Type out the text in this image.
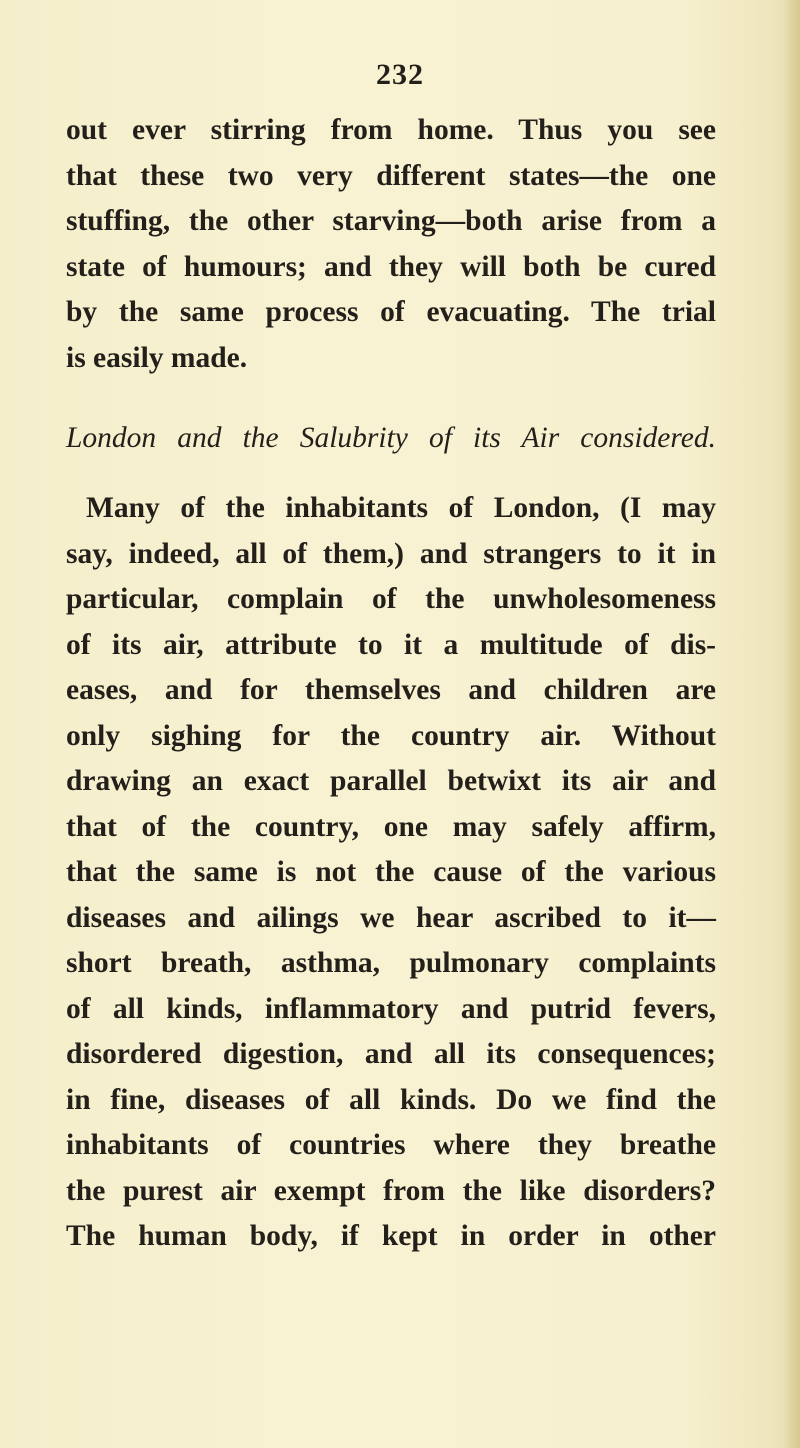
232
out ever stirring from home. Thus you see
that these two very different states—the one
stuffing, the other starving—both arise from a
state of humours; and they will both be cured
by the same process of evacuating. The trial
is easily made.
London and the Salubrity of its Air considered.
Many of the inhabitants of London, (I may
say, indeed, all of them,) and strangers to it in
particular, complain of the unwholesomeness
of its air, attribute to it a multitude of dis-
eases, and for themselves and children are
only sighing for the country air. Without
drawing an exact parallel betwixt its air and
that of the country, one may safely affirm,
that the same is not the cause of the various
diseases and ailings we hear ascribed to it—
short breath, asthma, pulmonary complaints
of all kinds, inflammatory and putrid fevers,
disordered digestion, and all its consequences;
in fine, diseases of all kinds. Do we find the
inhabitants of countries where they breathe
the purest air exempt from the like disorders?
The human body, if kept in order in other
